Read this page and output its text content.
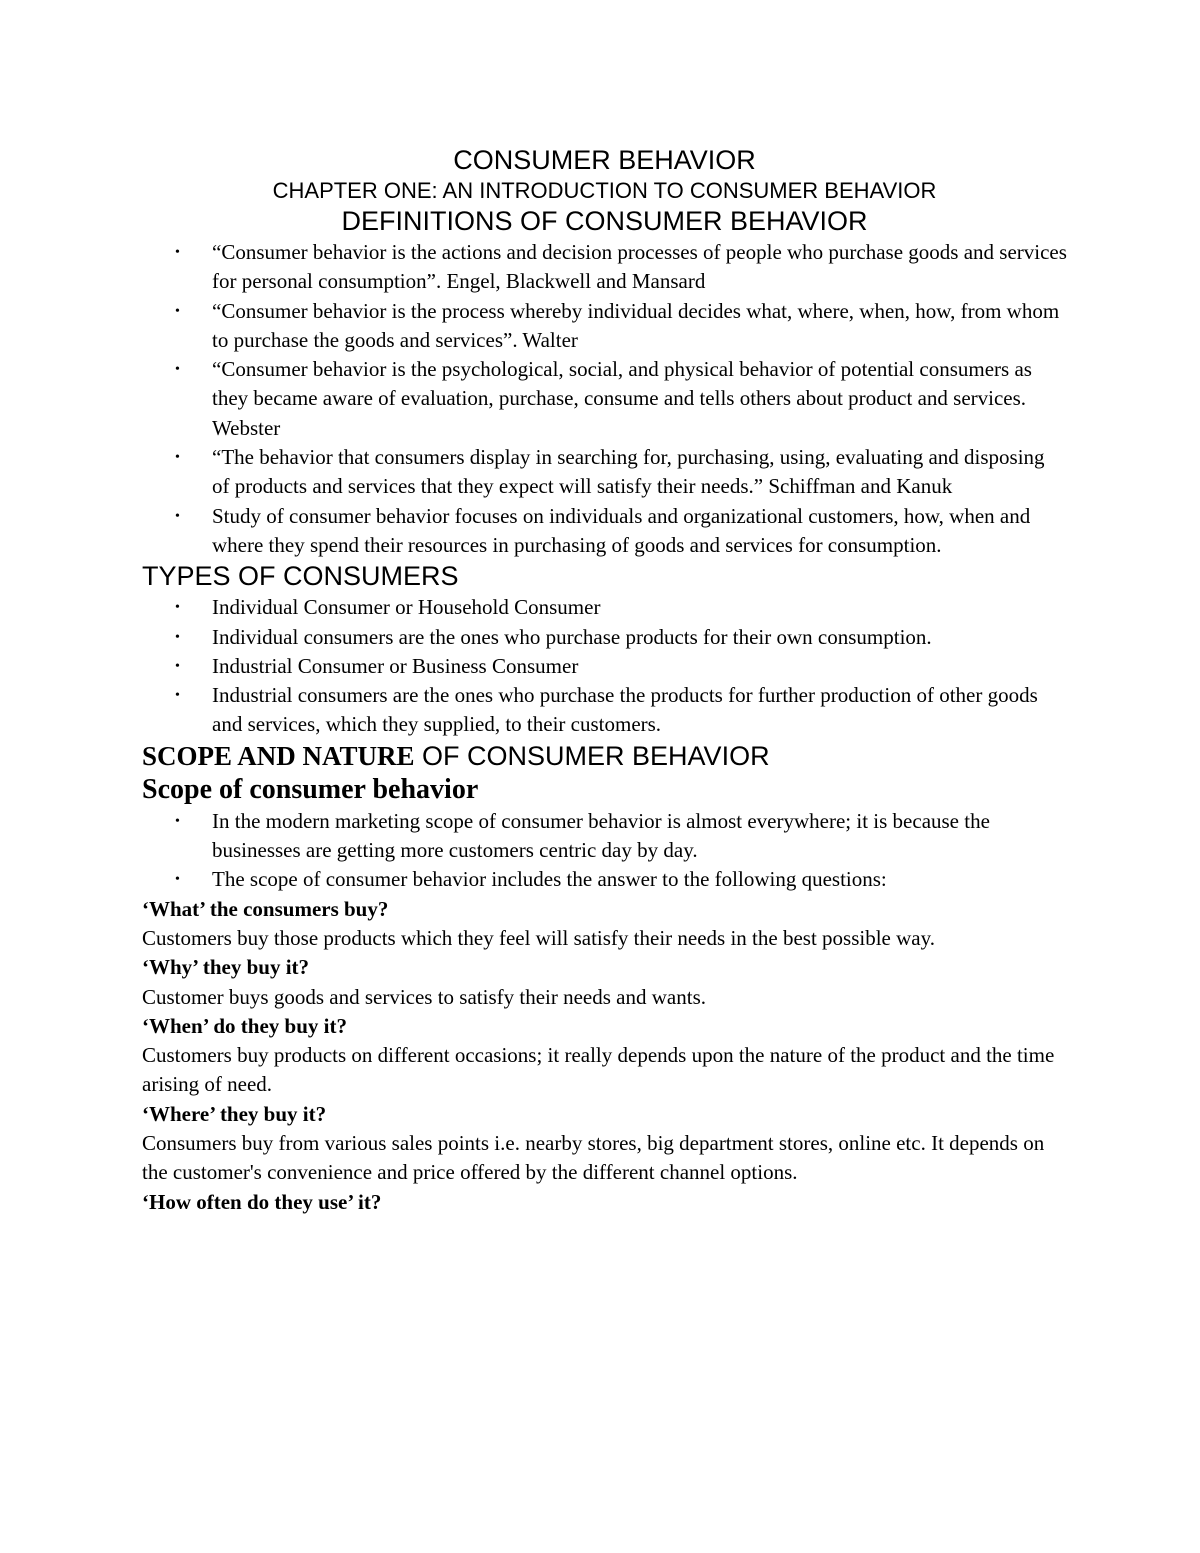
CONSUMER BEHAVIOR
CHAPTER ONE: AN INTRODUCTION TO CONSUMER BEHAVIOR
DEFINITIONS OF CONSUMER BEHAVIOR
• “Consumer behavior is the actions and decision processes of people who purchase goods and services for personal consumption”. Engel, Blackwell and Mansard
• “Consumer behavior is the process whereby individual decides what, where, when, how, from whom to purchase the goods and services”. Walter
• “Consumer behavior is the psychological, social, and physical behavior of potential consumers as they became aware of evaluation, purchase, consume and tells others about product and services. Webster
• “The behavior that consumers display in searching for, purchasing, using, evaluating and disposing of products and services that they expect will satisfy their needs.” Schiffman and Kanuk
• Study of consumer behavior focuses on individuals and organizational customers, how, when and where they spend their resources in purchasing of goods and services for consumption.
TYPES OF CONSUMERS
• Individual Consumer or Household Consumer
• Individual consumers are the ones who purchase products for their own consumption.
• Industrial Consumer or Business Consumer
• Industrial consumers are the ones who purchase the products for further production of other goods and services, which they supplied, to their customers.
SCOPE AND NATURE OF CONSUMER BEHAVIOR
Scope of consumer behavior
• In the modern marketing scope of consumer behavior is almost everywhere; it is because the businesses are getting more customers centric day by day.
• The scope of consumer behavior includes the answer to the following questions:

‘What’ the consumers buy?

Customers buy those products which they feel will satisfy their needs in the best possible way.

‘Why’ they buy it?

Customer buys goods and services to satisfy their needs and wants.

‘When’ do they buy it?

Customers buy products on different occasions; it really depends upon the nature of the product and the time arising of need.

‘Where’ they buy it?

Consumers buy from various sales points i.e. nearby stores, big department stores, online etc. It depends on the customer's convenience and price offered by the different channel options.

‘How often do they use’ it?
